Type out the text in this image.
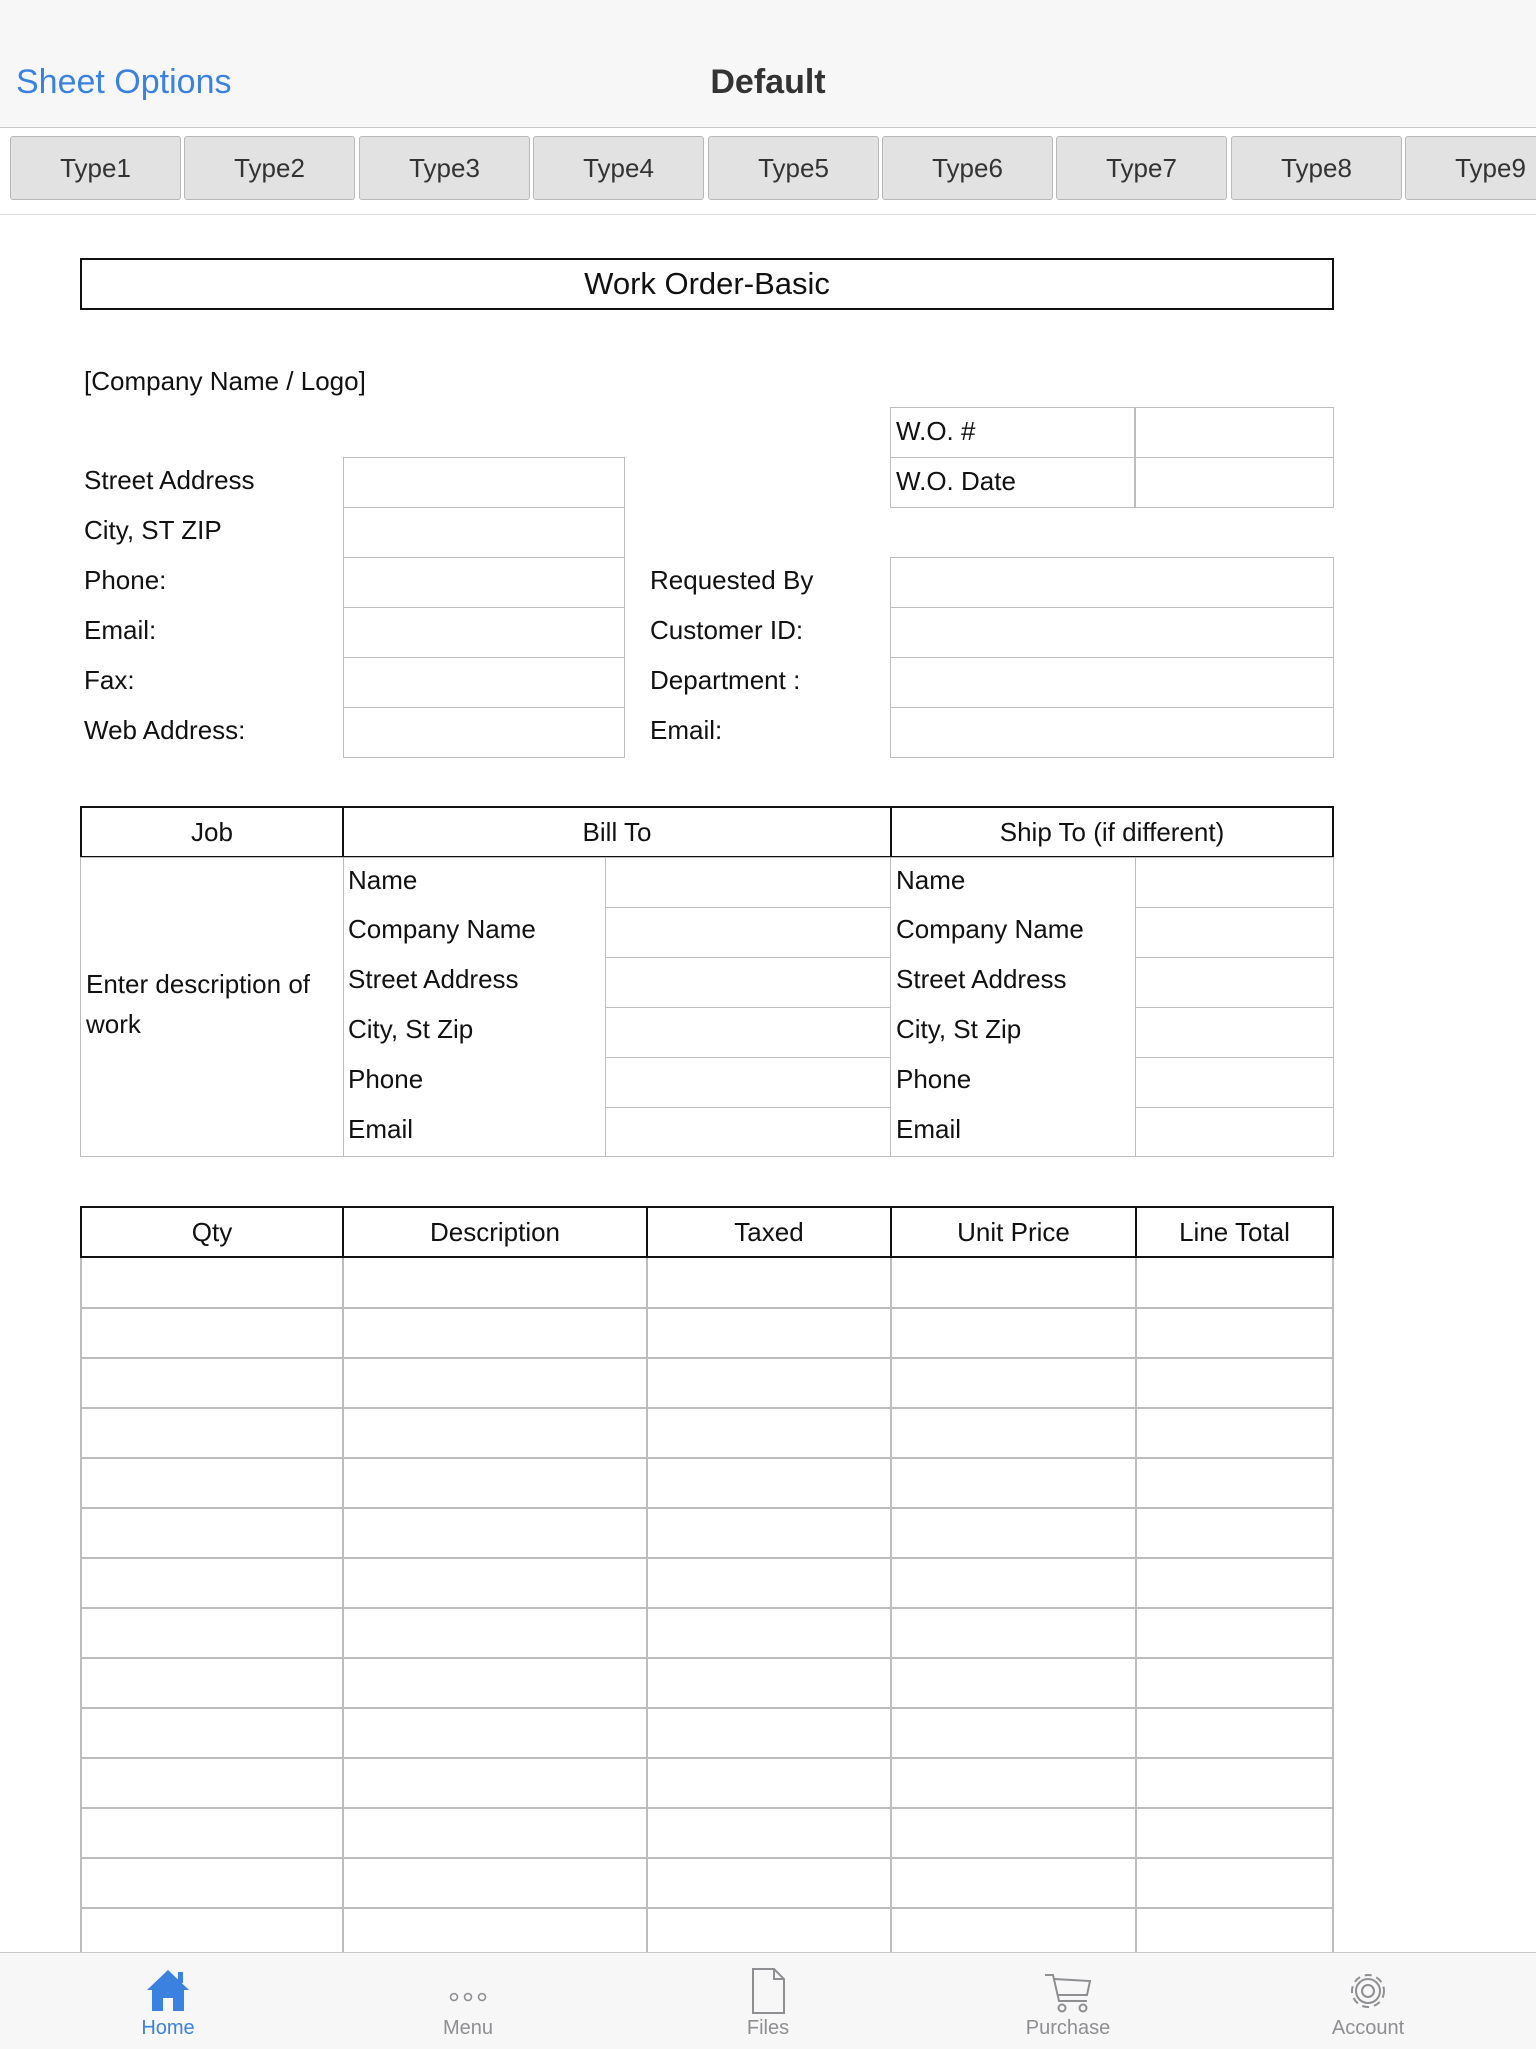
Default
Sheet Options
Type1	Type2	Type3	Type4	Type5	Type6	Type7	Type8	Type9
Work Order-Basic
[Company Name / Logo]
W.O. #
W.O. Date
Street Address
City, ST ZIP
Phone:
Email:
Fax:
Web Address:
Requested By
Customer ID:
Department :
Email:
Job	Bill To	Ship To (if different)
Enter description of work
Name
Company Name
Street Address
City, St Zip
Phone
Email
Name
Company Name
Street Address
City, St Zip
Phone
Email
Qty	Description	Taxed	Unit Price	Line Total
Home	Menu	Files	Purchase	Account
